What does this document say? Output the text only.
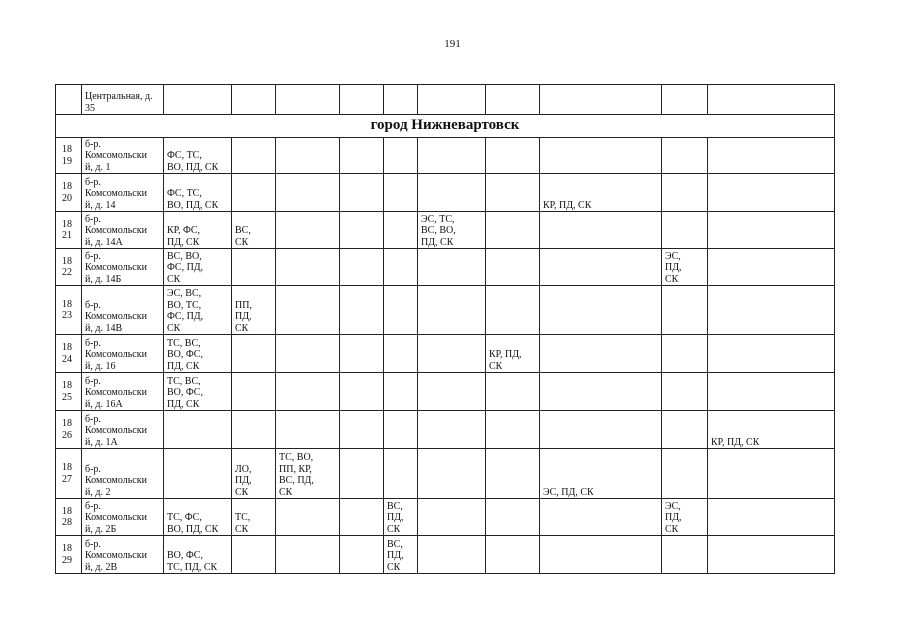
191
	Центральная, д.
35											
город Нижневартовск												
18
19	б-р.
Комсомольски
й, д. 1	ФС, ТС,
ВО, ПД, СК										
18
20	б-р.
Комсомольски
й, д. 14	ФС, ТС,
ВО, ПД, СК							КР, ПД, СК			
18
21	б-р.
Комсомольски
й, д. 14А	КР, ФС,
ПД, СК	ВС,
СК				ЭС, ТС,
ВС, ВО,
ПД, СК					
18
22	б-р.
Комсомольски
й, д. 14Б	ВС, ВО,
ФС, ПД,
СК								ЭС,
ПД,
СК		
18
23	б-р.
Комсомольски
й, д. 14В	ЭС, ВС,
ВО, ТС,
ФС, ПД,
СК	ПП,
ПД,
СК									
18
24	б-р.
Комсомольски
й, д. 16	ТС, ВС,
ВО, ФС,
ПД, СК						КР, ПД,
СК				
18
25	б-р.
Комсомольски
й, д. 16А	ТС, ВС,
ВО, ФС,
ПД, СК										
18
26	б-р.
Комсомольски
й, д. 1А										КР, ПД, СК	
18
27	б-р.
Комсомольски
й, д. 2		ЛО,
ПД,
СК	ТС, ВО,
ПП, КР,
ВС, ПД,
СК					ЭС, ПД, СК			
18
28	б-р.
Комсомольски
й, д. 2Б	ТС, ФС,
ВО, ПД, СК	ТС,
СК			ВС,
ПД,
СК				ЭС,
ПД,
СК		
18
29	б-р.
Комсомольски
й, д. 2В	ВО, ФС,
ТС, ПД, СК				ВС,
ПД,
СК						
